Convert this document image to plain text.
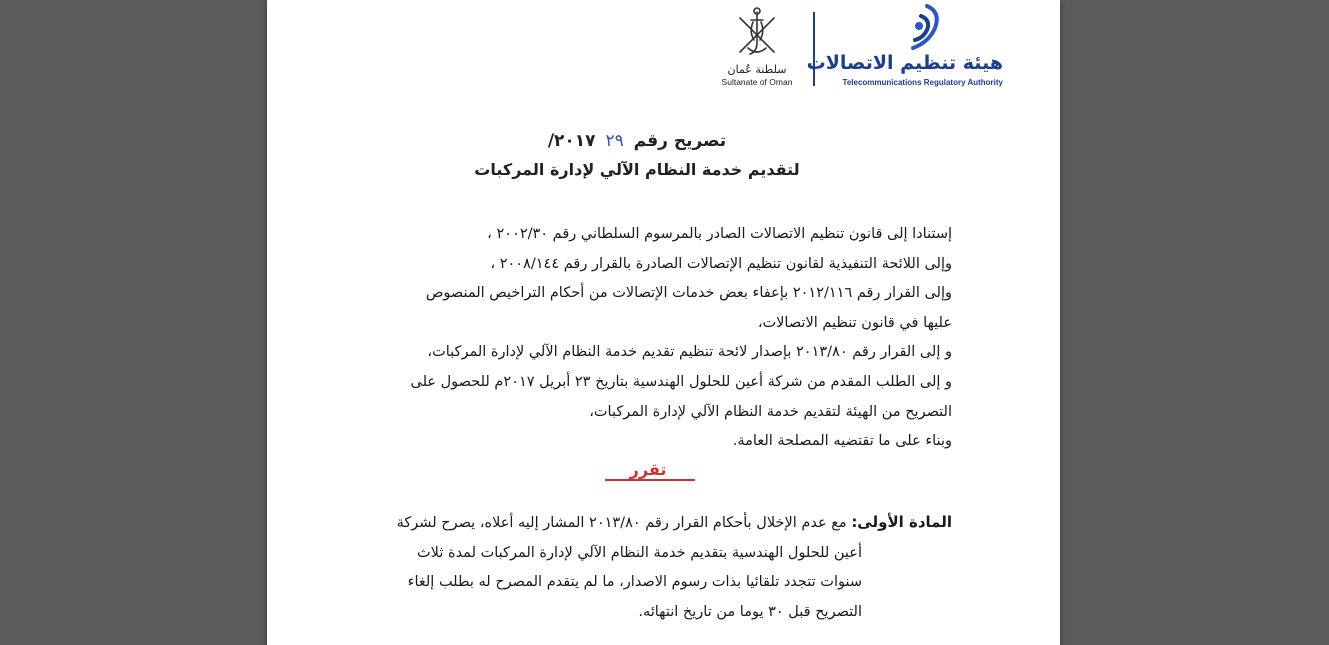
سلطنة عُمان
Sultanate of Oman
هيئة تنظيم الاتصالات
Telecommunications Regulatory Authority
تصريح رقم ٢٩ ٢٠١٧/
لتقديم خدمة النظام الآلي لإدارة المركبات

إستنادا إلى قانون تنظيم الاتصالات الصادر بالمرسوم السلطاني رقم ٢٠٠٢/٣٠ ،

وإلى اللائحة التنفيذية لقانون تنظيم الإتصالات الصادرة بالقرار رقم ٢٠٠٨/١٤٤ ،

وإلى القرار رقم ٢٠١٢/١١٦ بإعفاء بعض خدمات الإتصالات من أحكام التراخيص المنصوص

عليها في قانون تنظيم الاتصالات،

و إلى القرار رقم ٢٠١٣/٨٠ بإصدار لائحة تنظيم تقديم خدمة النظام الآلي لإدارة المركبات،

و إلى الطلب المقدم من شركة أعين للحلول الهندسية بتاريخ ٢٣ أبريل ٢٠١٧م للحصول على

التصريح من الهيئة لتقديم خدمة النظام الآلي لإدارة المركبات،

وبناء على ما تقتضيه المصلحة العامة.

تقرر

المادة الأولى: مع عدم الإخلال بأحكام القرار رقم ٢٠١٣/٨٠ المشار إليه أعلاه، يصرح لشركة

أعين للحلول الهندسية بتقديم خدمة النظام الآلي لإدارة المركبات لمدة ثلاث

سنوات تتجدد تلقائيا بذات رسوم الاصدار، ما لم يتقدم المصرح له بطلب إلغاء

التصريح قبل ٣٠ يوما من تاريخ انتهائه.
